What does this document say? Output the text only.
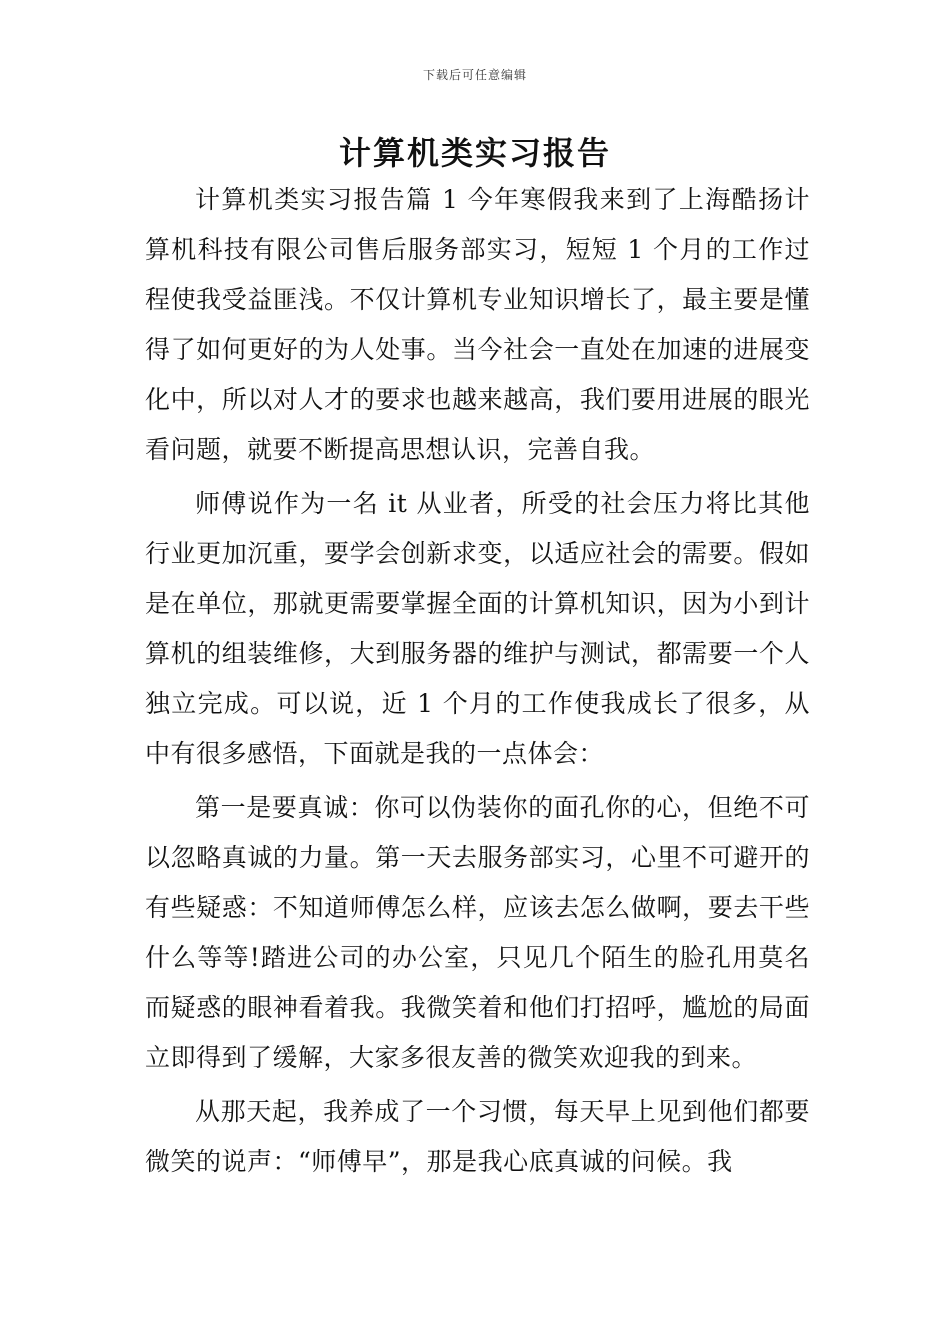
下载后可任意编辑
计算机类实习报告

计算机类实习报告篇 1 今年寒假我来到了上海酷扬计算机科技有限公司售后服务部实习，短短 1 个月的工作过程使我受益匪浅。不仅计算机专业知识增长了，最主要是懂得了如何更好的为人处事。当今社会一直处在加速的进展变化中，所以对人才的要求也越来越高，我们要用进展的眼光看问题，就要不断提高思想认识，完善自我。

师傅说作为一名 it 从业者，所受的社会压力将比其他行业更加沉重，要学会创新求变，以适应社会的需要。假如是在单位，那就更需要掌握全面的计算机知识，因为小到计算机的组装维修，大到服务器的维护与测试，都需要一个人独立完成。可以说，近 1 个月的工作使我成长了很多，从中有很多感悟，下面就是我的一点体会：

第一是要真诚：你可以伪装你的面孔你的心，但绝不可以忽略真诚的力量。第一天去服务部实习，心里不可避开的有些疑惑：不知道师傅怎么样，应该去怎么做啊，要去干些什么等等!踏进公司的办公室，只见几个陌生的脸孔用莫名而疑惑的眼神看着我。我微笑着和他们打招呼，尴尬的局面立即得到了缓解，大家多很友善的微笑欢迎我的到来。

从那天起，我养成了一个习惯，每天早上见到他们都要微笑的说声：“师傅早”，那是我心底真诚的问候。我
